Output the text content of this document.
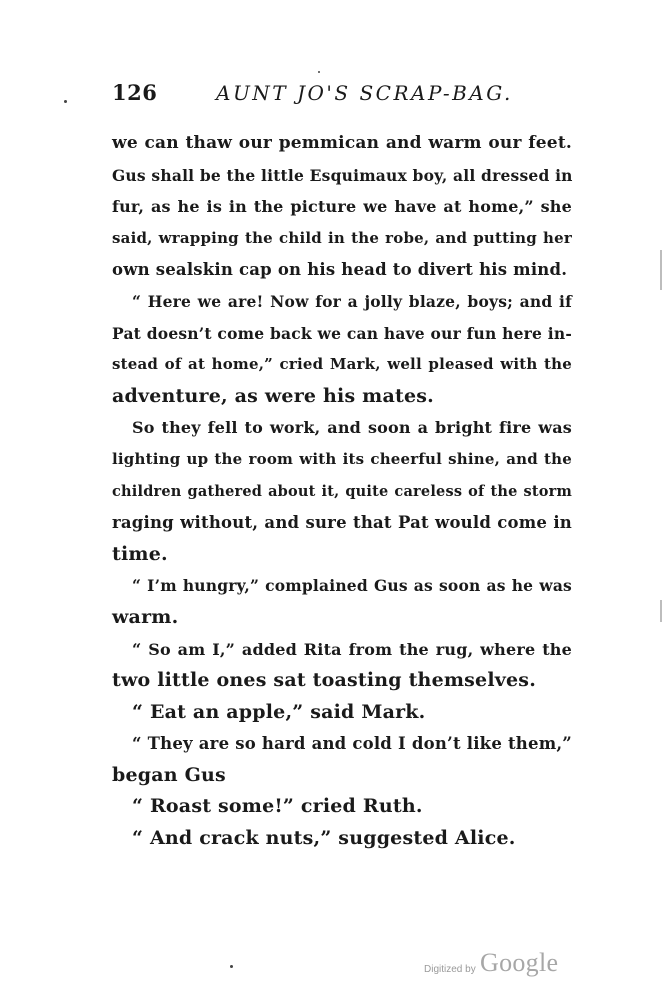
126	AUNT JO'S SCRAP-BAG.
we can thaw our pemmican and warm our feet.
Gus shall be the little Esquimaux boy, all dressed in
fur, as he is in the picture we have at home,” she
said, wrapping the child in the robe, and putting her
own sealskin cap on his head to divert his mind.
“ Here we are! Now for a jolly blaze, boys; and if
Pat doesn’t come back we can have our fun here in-
stead of at home,” cried Mark, well pleased with the
adventure, as were his mates.
So they fell to work, and soon a bright fire was
lighting up the room with its cheerful shine, and the
children gathered about it, quite careless of the storm
raging without, and sure that Pat would come in
time.
“ I’m hungry,” complained Gus as soon as he was
warm.
“ So am I,” added Rita from the rug, where the
two little ones sat toasting themselves.
“ Eat an apple,” said Mark.
“ They are so hard and cold I don’t like them,”
began Gus
“ Roast some!” cried Ruth.
“ And crack nuts,” suggested Alice.
Digitized by Google
